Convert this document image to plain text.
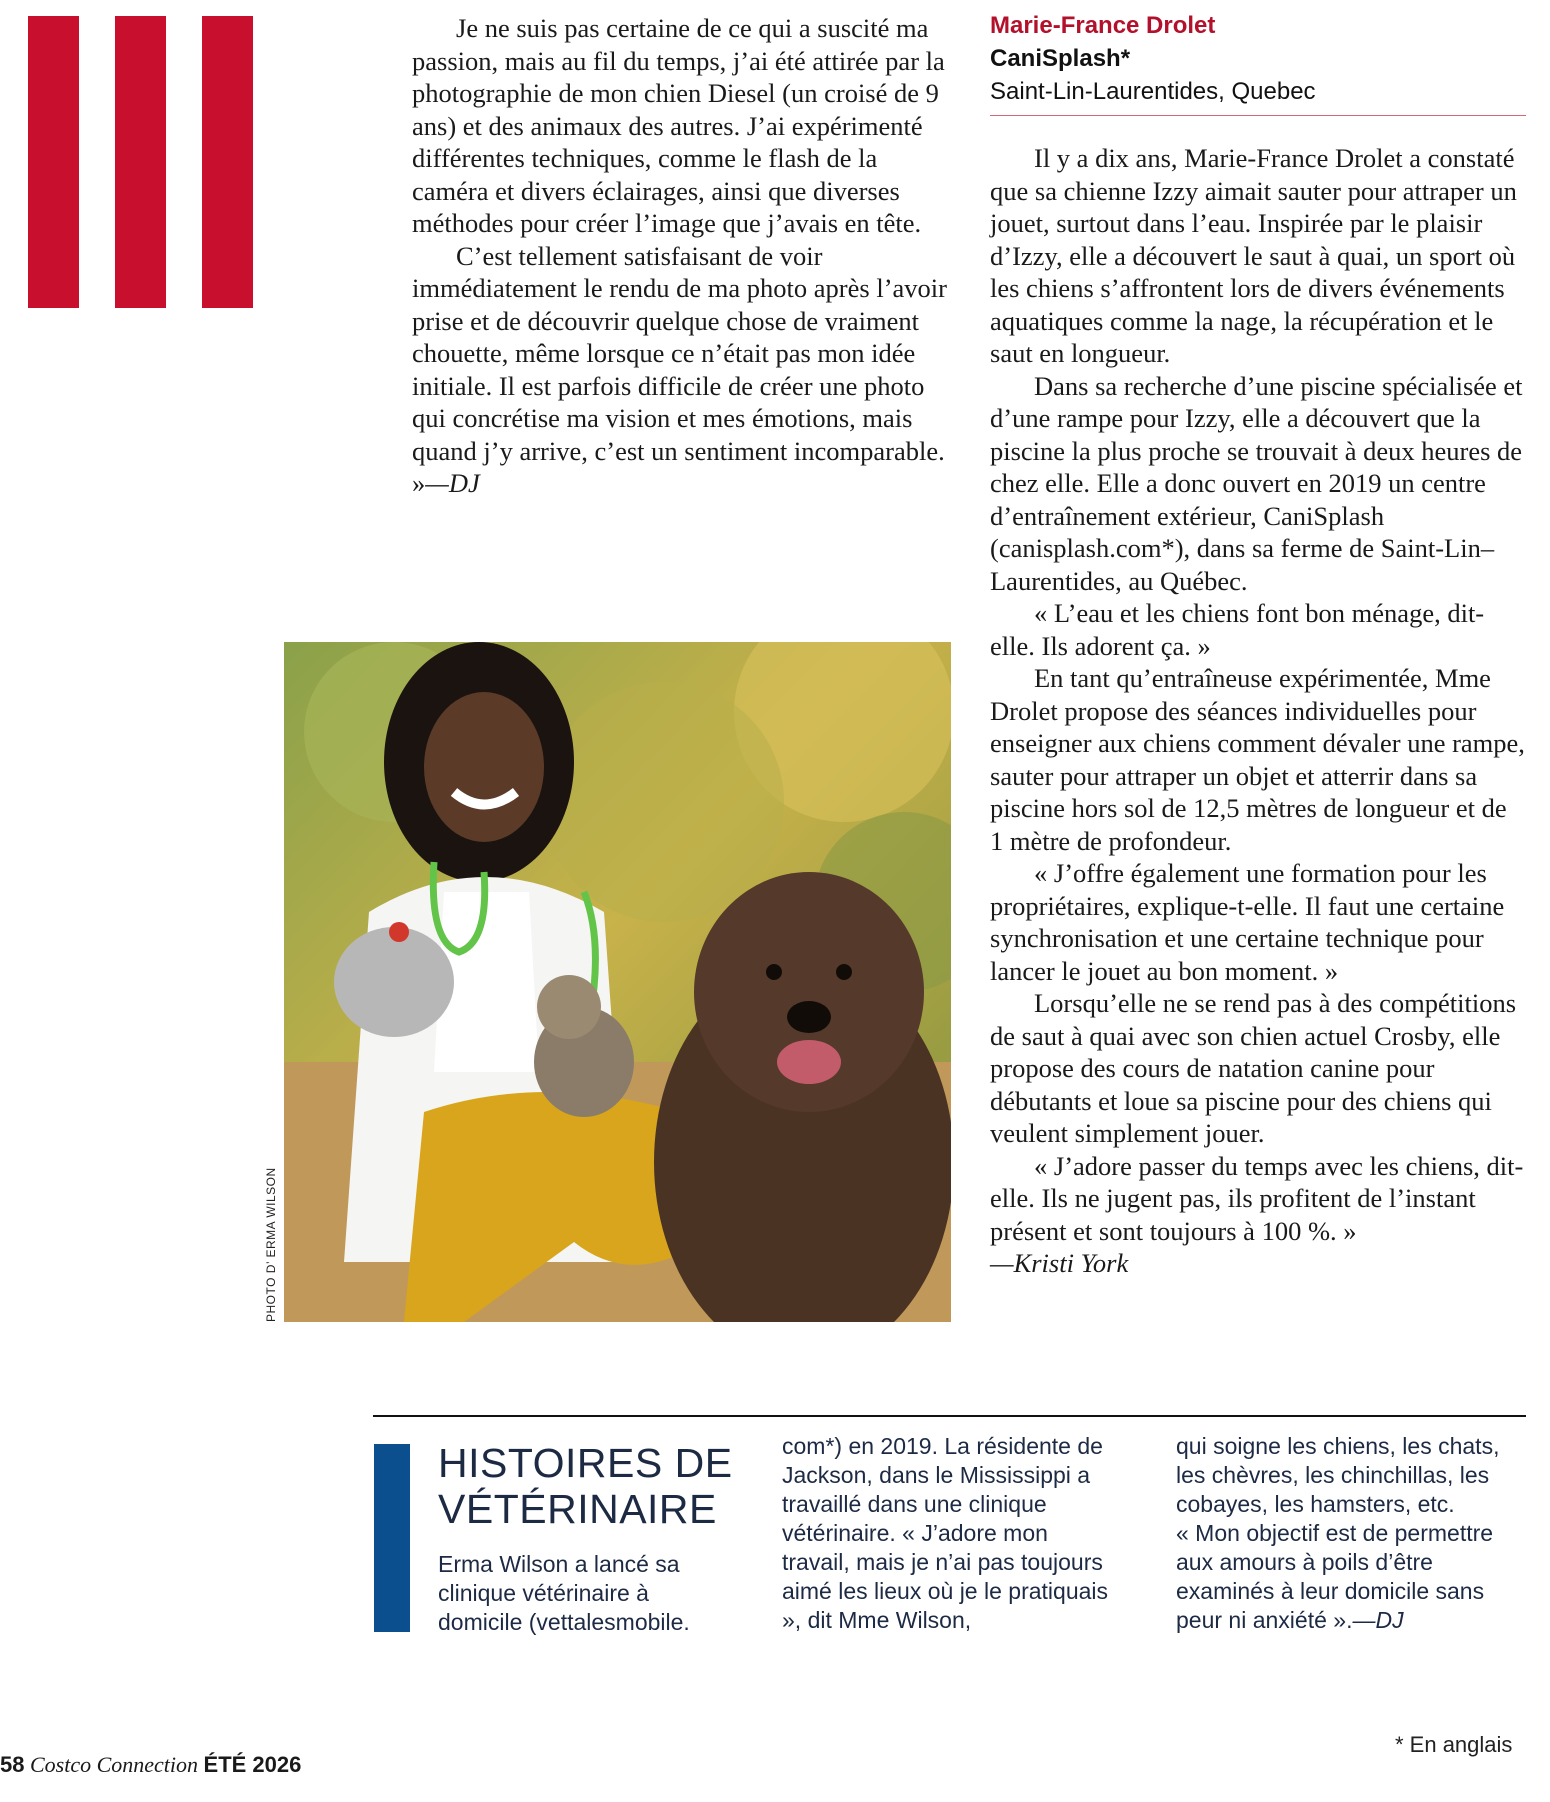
Je ne suis pas certaine de ce qui a suscité ma passion, mais au fil du temps, j’ai été attirée par la photographie de mon chien Diesel (un croisé de 9 ans) et des animaux des autres. J’ai expérimenté différentes techniques, comme le flash de la caméra et divers éclairages, ainsi que diverses méthodes pour créer l’image que j’avais en tête.

C’est tellement satisfaisant de voir immédiatement le rendu de ma photo après l’avoir prise et de découvrir quelque chose de vraiment chouette, même lorsque ce n’était pas mon idée initiale. Il est parfois difficile de créer une photo qui concrétise ma vision et mes émotions, mais quand j’y arrive, c’est un sentiment incomparable. »—DJ

Marie-France Drolet
CaniSplash*
Saint-Lin-Laurentides, Quebec

Il y a dix ans, Marie-France Drolet a constaté que sa chienne Izzy aimait sauter pour attraper un jouet, surtout dans l’eau. Inspirée par le plaisir d’Izzy, elle a découvert le saut à quai, un sport où les chiens s’affrontent lors de divers événements aquatiques comme la nage, la récupération et le saut en longueur.

Dans sa recherche d’une piscine spécialisée et d’une rampe pour Izzy, elle a découvert que la piscine la plus proche se trouvait à deux heures de chez elle. Elle a donc ouvert en 2019 un centre d’entraînement extérieur, CaniSplash (canisplash.com*), dans sa ferme de Saint-Lin–Laurentides, au Québec.

« L’eau et les chiens font bon ménage, dit-elle. Ils adorent ça. »

En tant qu’entraîneuse expérimentée, Mme Drolet propose des séances individuelles pour enseigner aux chiens comment dévaler une rampe, sauter pour attraper un objet et atterrir dans sa piscine hors sol de 12,5 mètres de longueur et de 1 mètre de profondeur.

« J’offre également une formation pour les propriétaires, explique-t-elle. Il faut une certaine synchronisation et une certaine technique pour lancer le jouet au bon moment. »

Lorsqu’elle ne se rend pas à des compétitions de saut à quai avec son chien actuel Crosby, elle propose des cours de natation canine pour débutants et loue sa piscine pour des chiens qui veulent simplement jouer.

« J’adore passer du temps avec les chiens, dit-elle. Ils ne jugent pas, ils profitent de l’instant présent et sont toujours à 100 %. »

—Kristi York

PHOTO D’ ERMA WILSON
HISTOIRES DE
VÉTÉRINAIRE
Erma Wilson a lancé sa clinique vétérinaire à domicile (vettalesmobile.
com*) en 2019. La résidente de Jackson, dans le Mississippi a travaillé dans une clinique vétérinaire. « J’adore mon travail, mais je n’ai pas toujours aimé les lieux où je le pratiquais », dit Mme Wilson,
qui soigne les chiens, les chats, les chèvres, les chinchillas, les cobayes, les hamsters, etc.
« Mon objectif est de permettre aux amours à poils d’être examinés à leur domicile sans peur ni anxiété ».—DJ
58 Costco Connection ÉTÉ 2026
* En anglais
